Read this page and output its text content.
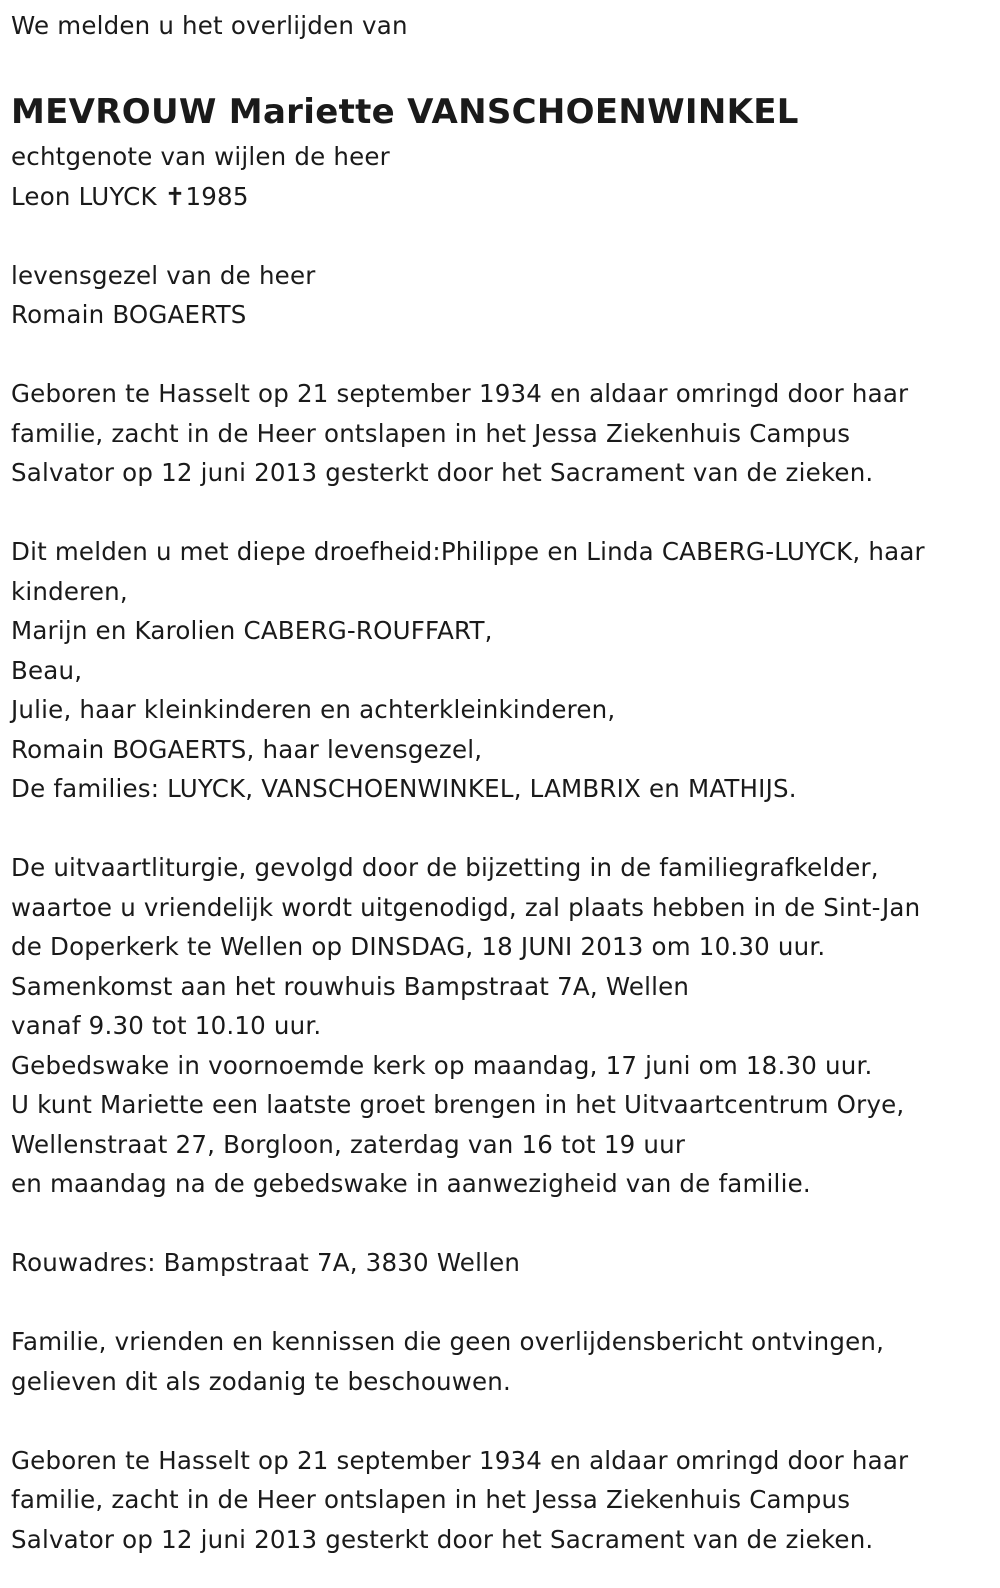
We melden u het overlijden van
MEVROUW Mariette VANSCHOENWINKEL
echtgenote van wijlen de heer
Leon LUYCK ✝1985
levensgezel van de heer
Romain BOGAERTS
Geboren te Hasselt op 21 september 1934 en aldaar omringd door haar
familie, zacht in de Heer ontslapen in het Jessa Ziekenhuis Campus
Salvator op 12 juni 2013 gesterkt door het Sacrament van de zieken.
Dit melden u met diepe droefheid:Philippe en Linda CABERG-LUYCK, haar
kinderen,
Marijn en Karolien CABERG-ROUFFART,
Beau,
Julie, haar kleinkinderen en achterkleinkinderen,
Romain BOGAERTS, haar levensgezel,
De families: LUYCK, VANSCHOENWINKEL, LAMBRIX en MATHIJS.
De uitvaartliturgie, gevolgd door de bijzetting in de familiegrafkelder,
waartoe u vriendelijk wordt uitgenodigd, zal plaats hebben in de Sint-Jan
de Doperkerk te Wellen op DINSDAG, 18 JUNI 2013 om 10.30 uur.
Samenkomst aan het rouwhuis Bampstraat 7A, Wellen
vanaf 9.30 tot 10.10 uur.
Gebedswake in voornoemde kerk op maandag, 17 juni om 18.30 uur.
U kunt Mariette een laatste groet brengen in het Uitvaartcentrum Orye,
Wellenstraat 27, Borgloon, zaterdag van 16 tot 19 uur
en maandag na de gebedswake in aanwezigheid van de familie.
Rouwadres: Bampstraat 7A, 3830 Wellen
Familie, vrienden en kennissen die geen overlijdensbericht ontvingen,
gelieven dit als zodanig te beschouwen.
Geboren te Hasselt op 21 september 1934 en aldaar omringd door haar
familie, zacht in de Heer ontslapen in het Jessa Ziekenhuis Campus
Salvator op 12 juni 2013 gesterkt door het Sacrament van de zieken.
